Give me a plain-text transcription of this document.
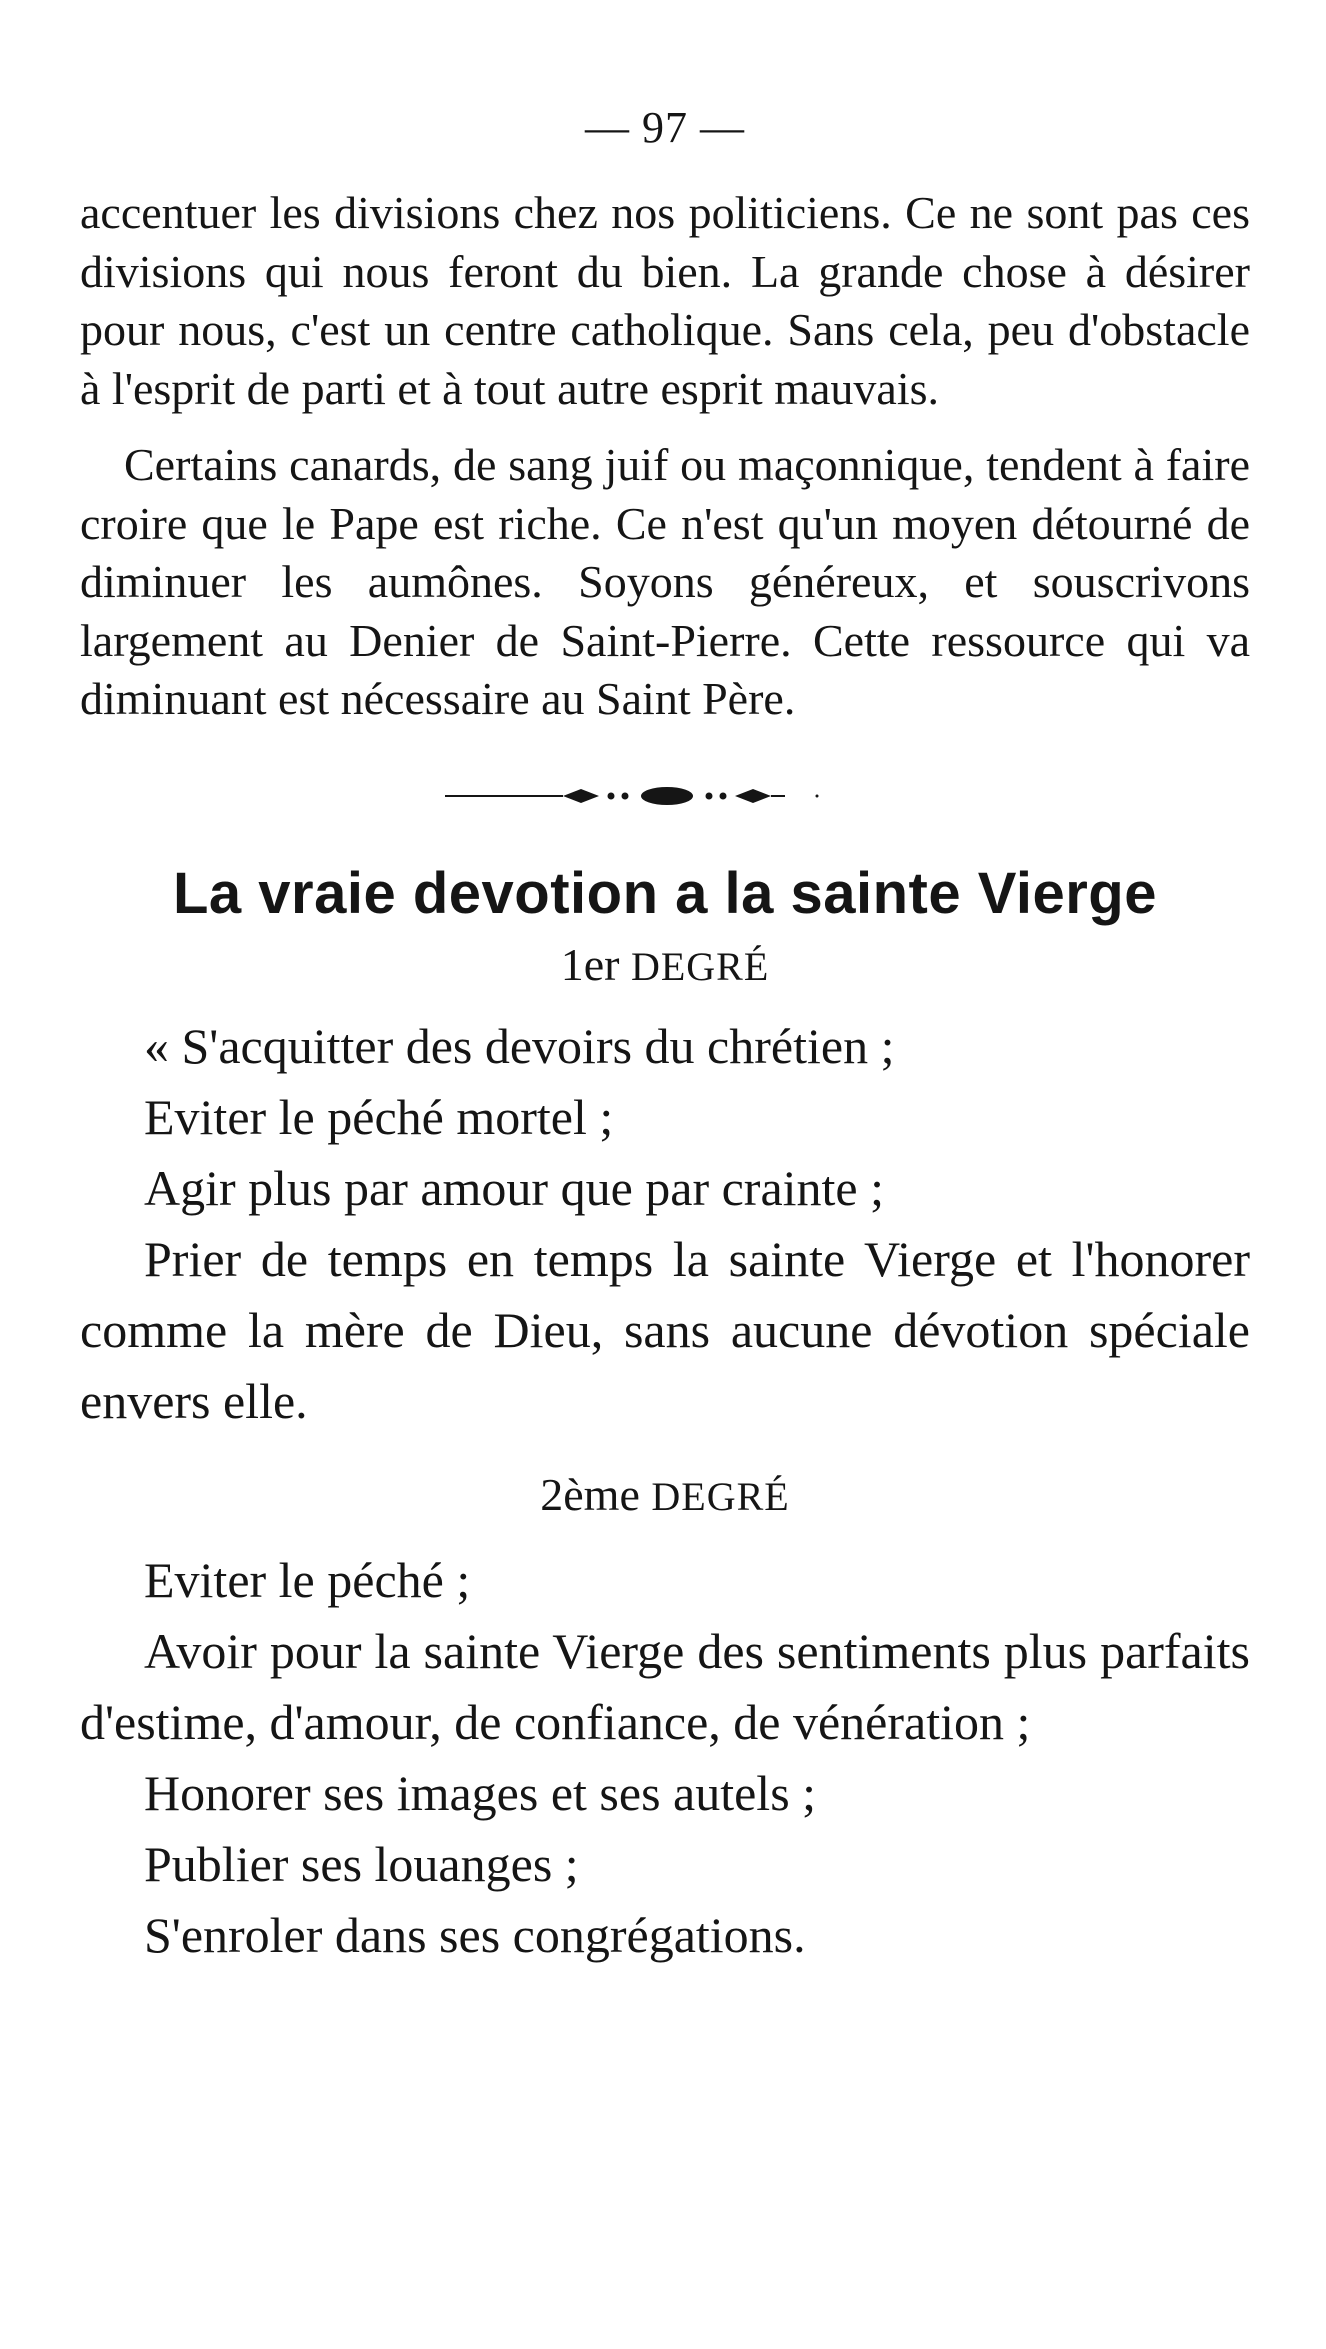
— 97 —

accentuer les divisions chez nos politiciens. Ce ne sont pas ces divisions qui nous feront du bien. La grande chose à désirer pour nous, c'est un centre catholique. Sans cela, peu d'obstacle à l'esprit de parti et à tout autre esprit mauvais.

Certains canards, de sang juif ou maçonnique, tendent à faire croire que le Pape est riche. Ce n'est qu'un moyen détourné de diminuer les aumônes. Soyons généreux, et souscrivons largement au Denier de Saint-Pierre. Cette ressource qui va diminuant est nécessaire au Saint Père.

La vraie devotion a la sainte Vierge
1er DEGRÉ

« S'acquitter des devoirs du chrétien ;

Eviter le péché mortel ;

Agir plus par amour que par crainte ;

Prier de temps en temps la sainte Vierge et l'honorer comme la mère de Dieu, sans aucune dévotion spéciale envers elle.

2ème DEGRÉ

Eviter le péché ;

Avoir pour la sainte Vierge des sentiments plus parfaits d'estime, d'amour, de confiance, de vénération ;

Honorer ses images et ses autels ;

Publier ses louanges ;

S'enroler dans ses congrégations.
